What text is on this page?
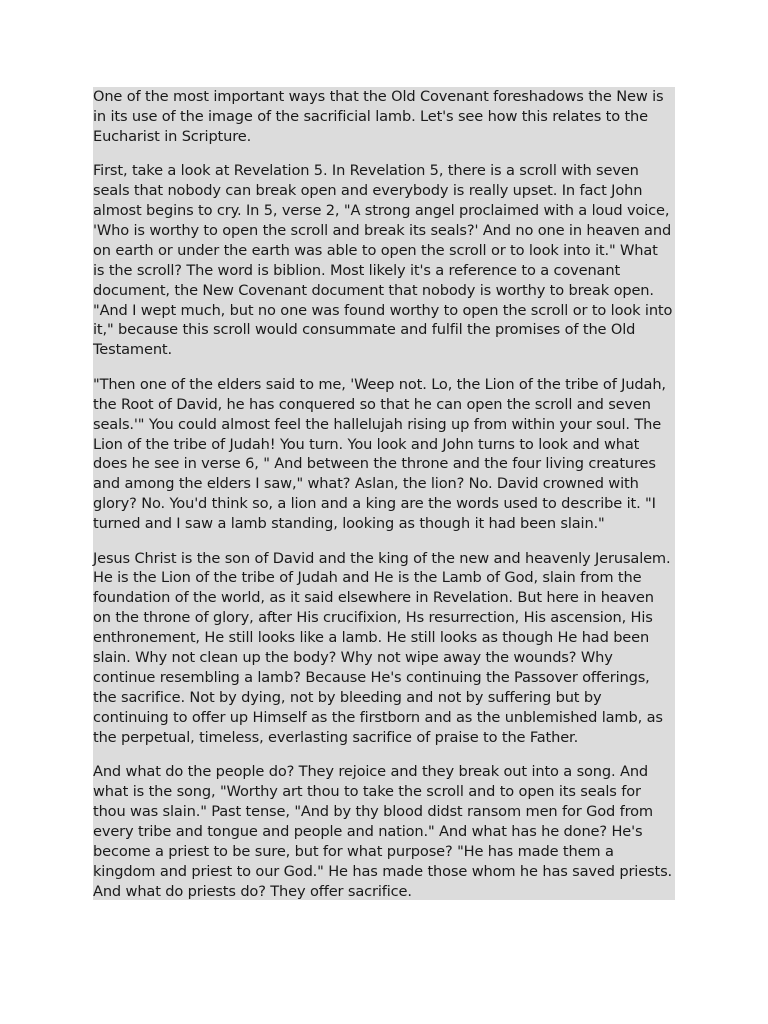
One of the most important ways that the Old Covenant foreshadows the New is in its use of the image of the sacrificial lamb. Let's see how this relates to the Eucharist in Scripture.

First, take a look at Revelation 5. In Revelation 5, there is a scroll with seven seals that nobody can break open and everybody is really upset. In fact John almost begins to cry. In 5, verse 2, "A strong angel proclaimed with a loud voice, 'Who is worthy to open the scroll and break its seals?' And no one in heaven and on earth or under the earth was able to open the scroll or to look into it." What is the scroll? The word is biblion. Most likely it's a reference to a covenant document, the New Covenant document that nobody is worthy to break open. "And I wept much, but no one was found worthy to open the scroll or to look into it," because this scroll would consummate and fulfil the promises of the Old Testament.

"Then one of the elders said to me, 'Weep not. Lo, the Lion of the tribe of Judah, the Root of David, he has conquered so that he can open the scroll and seven seals.'" You could almost feel the hallelujah rising up from within your soul. The Lion of the tribe of Judah! You turn. You look and John turns to look and what does he see in verse 6, " And between the throne and the four living creatures and among the elders I saw," what? Aslan, the lion? No. David crowned with glory? No. You'd think so, a lion and a king are the words used to describe it. "I turned and I saw a lamb standing, looking as though it had been slain."

Jesus Christ is the son of David and the king of the new and heavenly Jerusalem. He is the Lion of the tribe of Judah and He is the Lamb of God, slain from the foundation of the world, as it said elsewhere in Revelation. But here in heaven on the throne of glory, after His crucifixion, Hs resurrection, His ascension, His enthronement, He still looks like a lamb. He still looks as though He had been slain. Why not clean up the body? Why not wipe away the wounds? Why continue resembling a lamb? Because He's continuing the Passover offerings, the sacrifice. Not by dying, not by bleeding and not by suffering but by continuing to offer up Himself as the firstborn and as the unblemished lamb, as the perpetual, timeless, everlasting sacrifice of praise to the Father.

And what do the people do? They rejoice and they break out into a song. And what is the song, "Worthy art thou to take the scroll and to open its seals for thou was slain." Past tense, "And by thy blood didst ransom men for God from every tribe and tongue and people and nation." And what has he done? He's become a priest to be sure, but for what purpose? "He has made them a kingdom and priest to our God." He has made those whom he has saved priests. And what do priests do? They offer sacrifice.
